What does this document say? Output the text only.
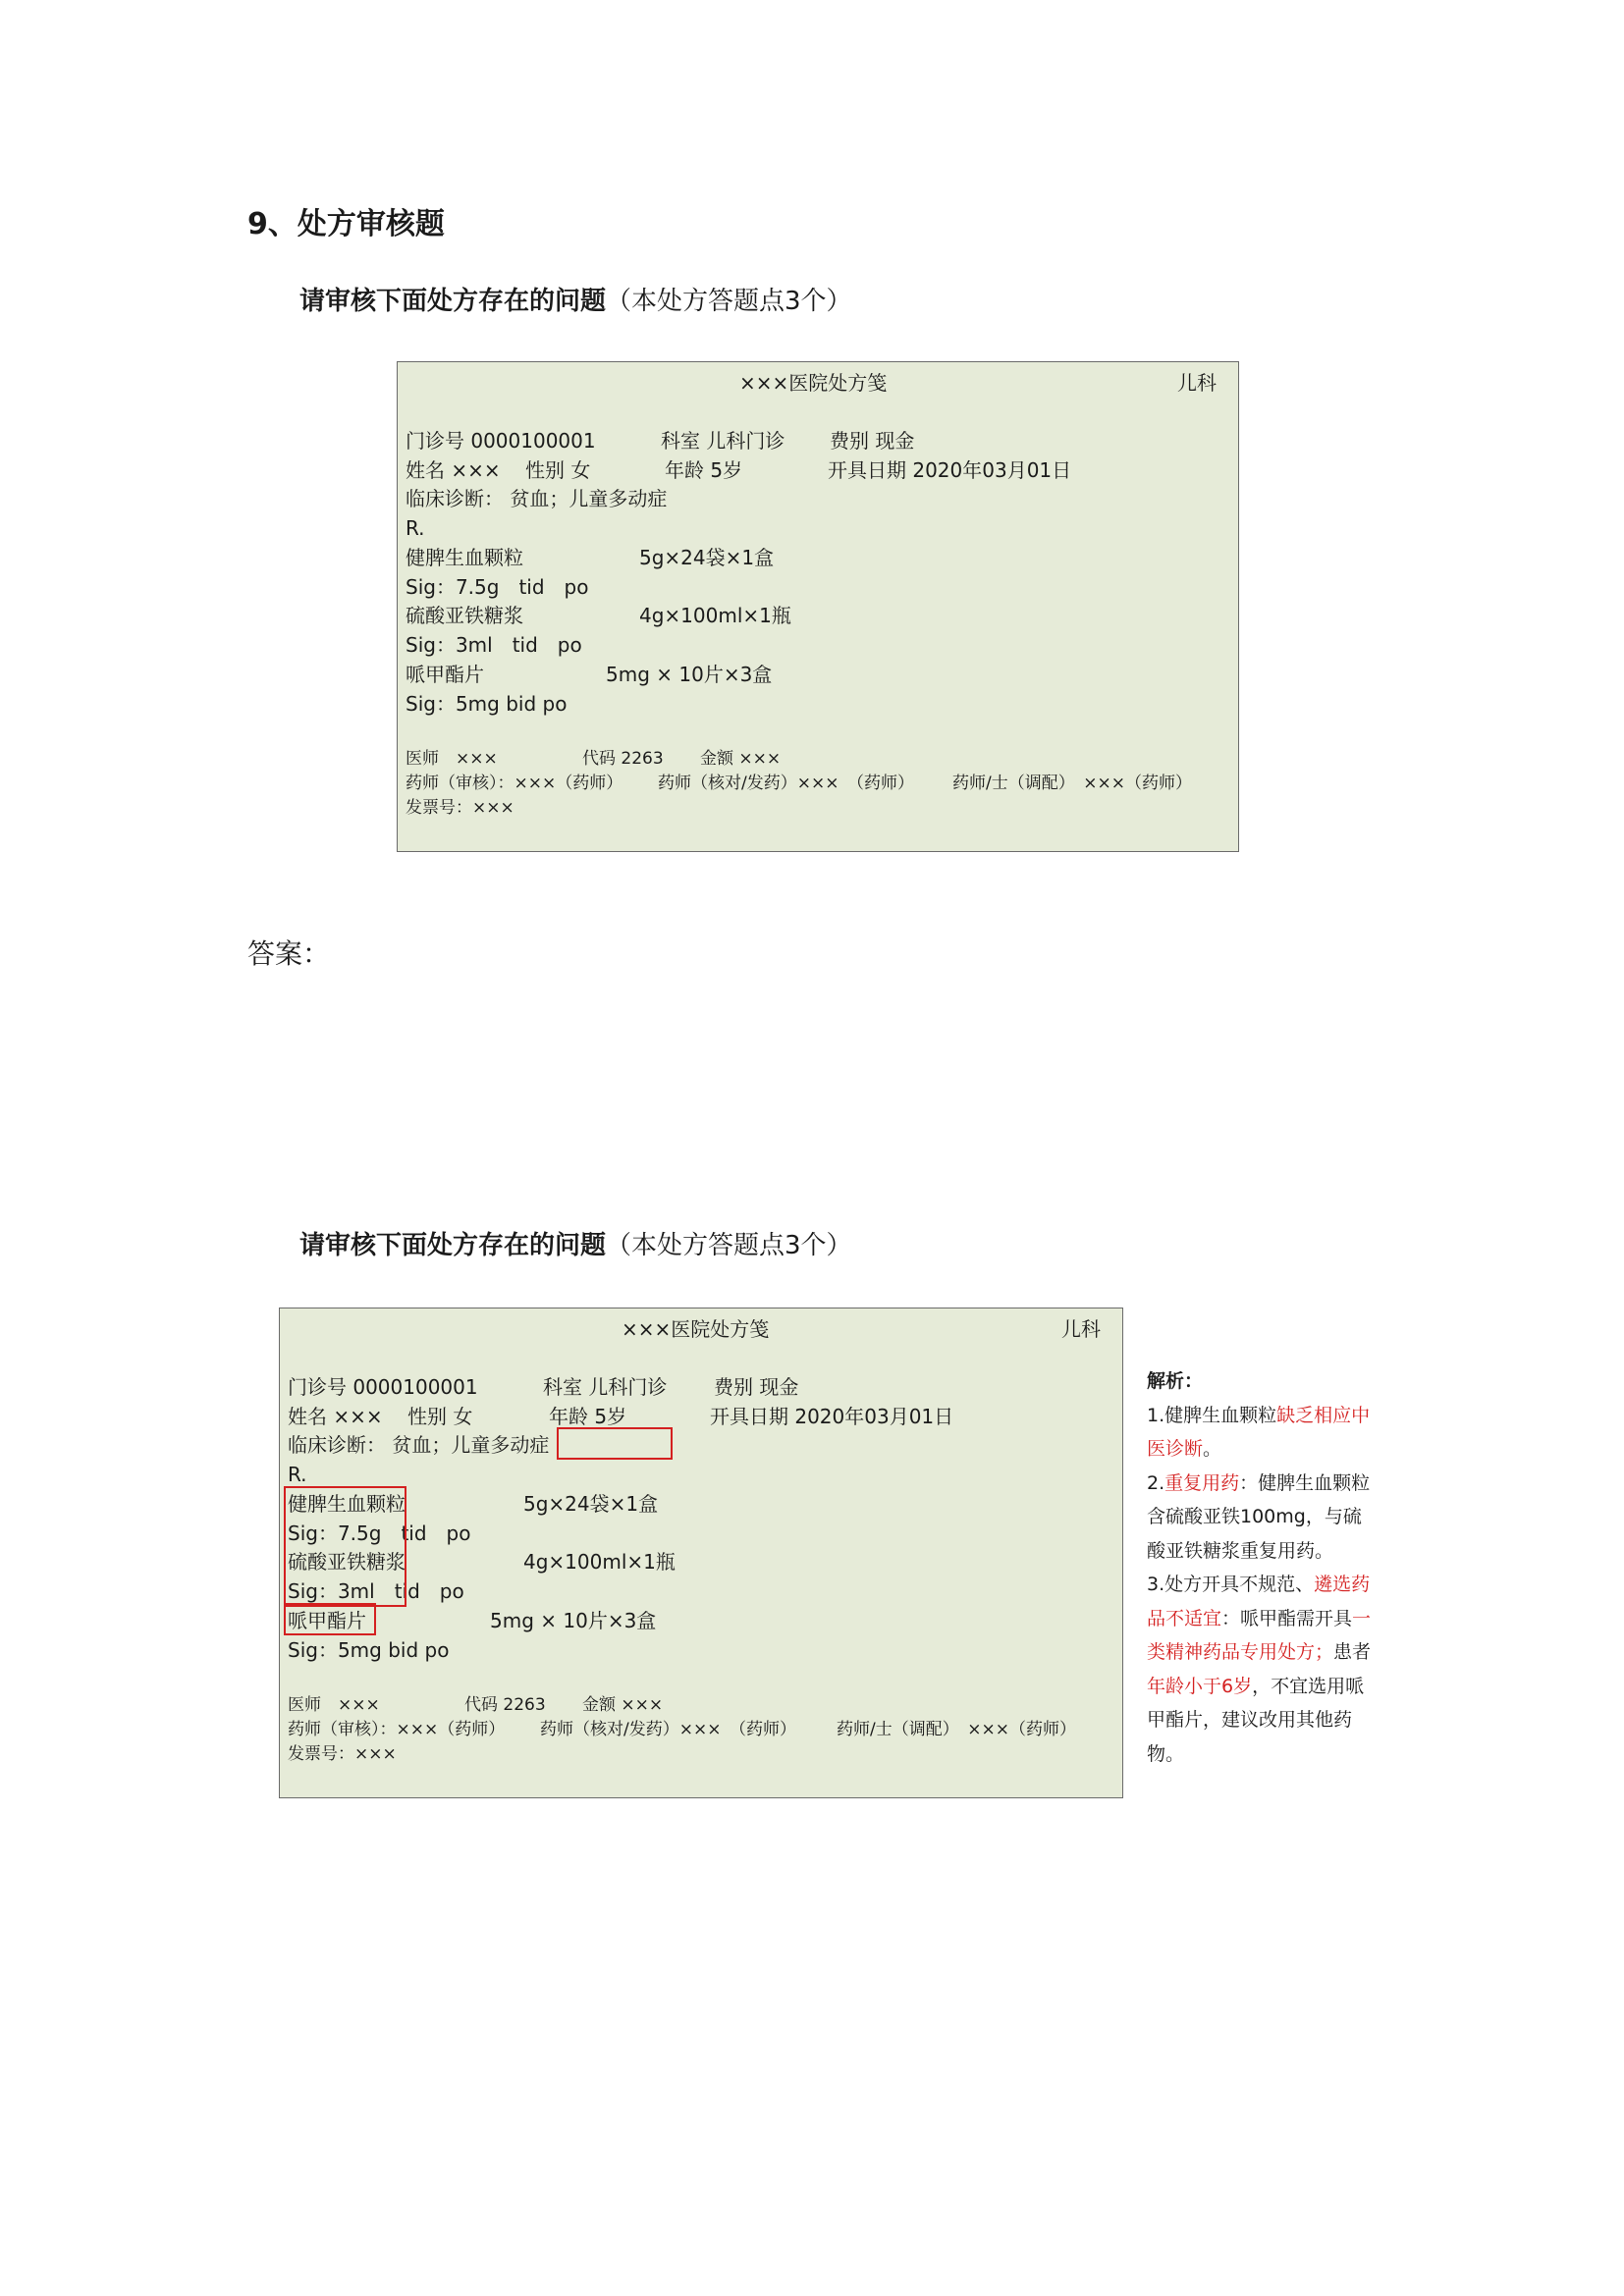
9、处方审核题
请审核下面处方存在的问题（本处方答题点3个）
×××医院处方笺	儿科
门诊号 0000100001	科室 儿科门诊 费别 现金
姓名 ××× 性别 女	年龄 5岁	开具日期 2020年03月01日
临床诊断： 贫血；儿童多动症
R.
健脾生血颗粒	5g×24袋×1盒
Sig：7.5g　tid　po
硫酸亚铁糖浆	4g×100ml×1瓶
Sig：3ml　tid　po
哌甲酯片	5mg × 10片×3盒
Sig：5mg bid po
医师　×××	代码 2263 金额 ×××
药师（审核）：×××（药师） 药师（核对/发药）×××　（药师） 药师/士（调配）　×××（药师）
发票号：×××
答案：
请审核下面处方存在的问题（本处方答题点3个）
×××医院处方笺	儿科
门诊号 0000100001	科室 儿科门诊 费别 现金
姓名 ××× 性别 女	年龄 5岁	开具日期 2020年03月01日
临床诊断： 贫血；儿童多动症
R.
健脾生血颗粒	5g×24袋×1盒
Sig：7.5g　tid　po
硫酸亚铁糖浆	4g×100ml×1瓶
Sig：3ml　tid　po
哌甲酯片	5mg × 10片×3盒
Sig：5mg bid po
医师　×××	代码 2263 金额 ×××
药师（审核）：×××（药师） 药师（核对/发药）×××　（药师） 药师/士（调配）　×××（药师）
发票号：×××
解析：
1.健脾生血颗粒缺乏相应中医诊断。
2.重复用药：健脾生血颗粒含硫酸亚铁100mg，与硫酸亚铁糖浆重复用药。
3.处方开具不规范、遴选药品不适宜：哌甲酯需开具一类精神药品专用处方；患者年龄小于6岁，不宜选用哌甲酯片，建议改用其他药物。
